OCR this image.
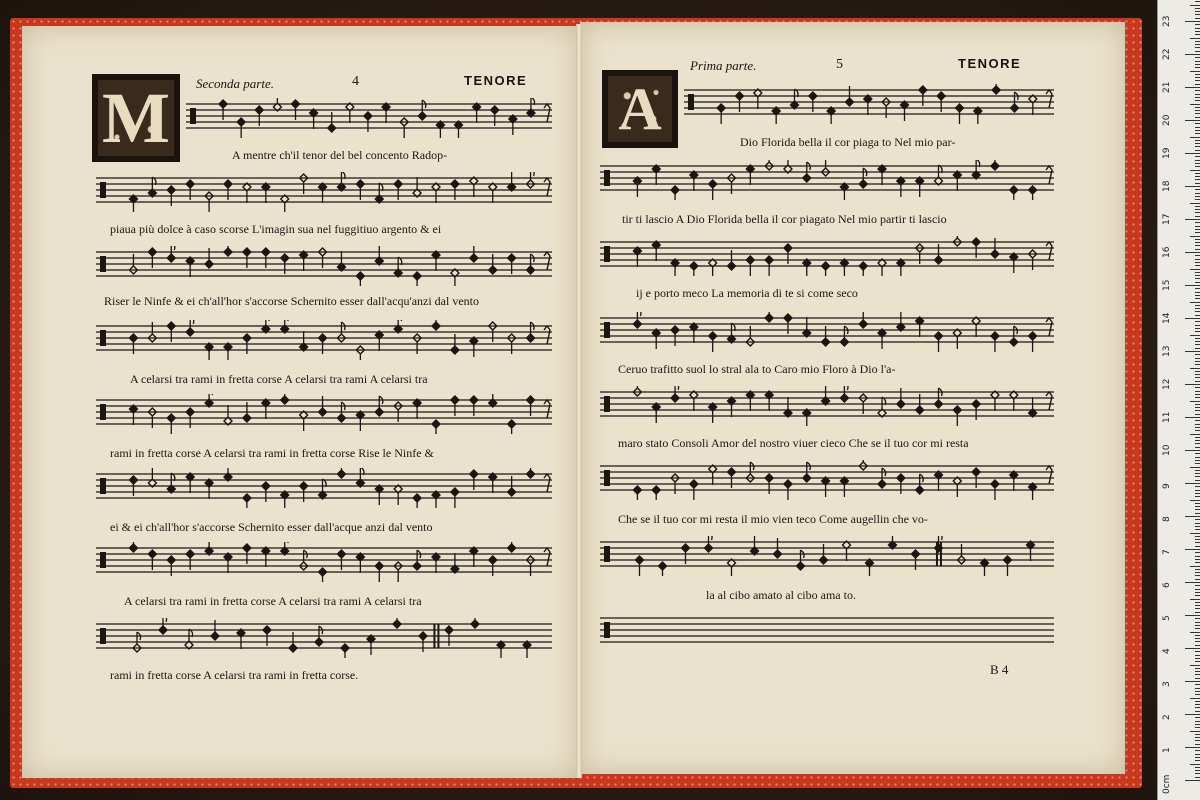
Seconda parte.	4	TENORE
M
Prima parte.	5	TENORE
A
A mentre ch'il tenor del bel concento Radop-
piaua più dolce à caso scorse L'imagin sua nel fuggitiuo argento & ei
Riser le Ninfe & ei ch'all'hor s'accorse Schernito esser dall'acqu'anzi dal vento
A celarsi tra rami in fretta corse A celarsi tra rami A celarsi tra
rami in fretta corse A celarsi tra rami in fretta corse Rise le Ninfe &
ei & ei ch'all'hor s'accorse Schernito esser dall'acque anzi dal vento
A celarsi tra rami in fretta corse A celarsi tra rami A celarsi tra
rami in fretta corse A celarsi tra rami in fretta corse.
Dio Florida bella il cor piaga to Nel mio par-
tir ti lascio A Dio Florida bella il cor piagato Nel mio partir ti lascio
ij e porto meco La memoria di te si come seco
Ceruo trafitto suol lo stral ala to Caro mio Floro à Dio l'a-
maro stato Consoli Amor del nostro viuer cieco Che se il tuo cor mi resta
Che se il tuo cor mi resta il mio vien teco Come augellin che vo-
la al cibo amato al cibo ama to.
B 4
0cm
1
2
3
4
5
6
7
8
9
10
11
12
13
14
15
16
17
18
19
20
21
22
23
